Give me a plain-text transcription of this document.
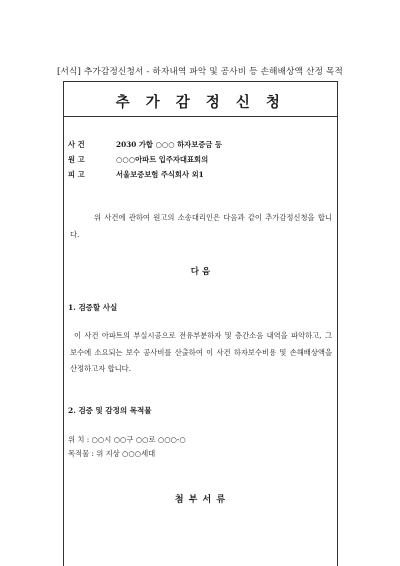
[서식] 추가감정신청서 - 하자내역 파악 및 공사비 등 손해배상액 산정 목적
추 가 감 정 신 청
사 건	2030 가합 ○○○ 하자보증금 등
원 고	○○○아파트 입주자대표회의
피 고	서울보증보험 주식회사 외1
위 사건에 관하여 원고의 소송대리인은 다음과 같이 추가감정신청을 합니다.
다 음
1. 검증할 사실
이 사건 아파트의 부실시공으로 전유부분하자 및 층간소음 내역을 파악하고, 그 보수에 소요되는 보수 공사비를 산출하여 이 사건 하자보수비용 및 손해배상액을 산정하고자 합니다.
2. 검증 및 감정의 목적물
위 치 : ○○시 ○○구 ○○로 ○○○-○
목적물 : 위 지상 ○○○세대
첨 부 서 류
